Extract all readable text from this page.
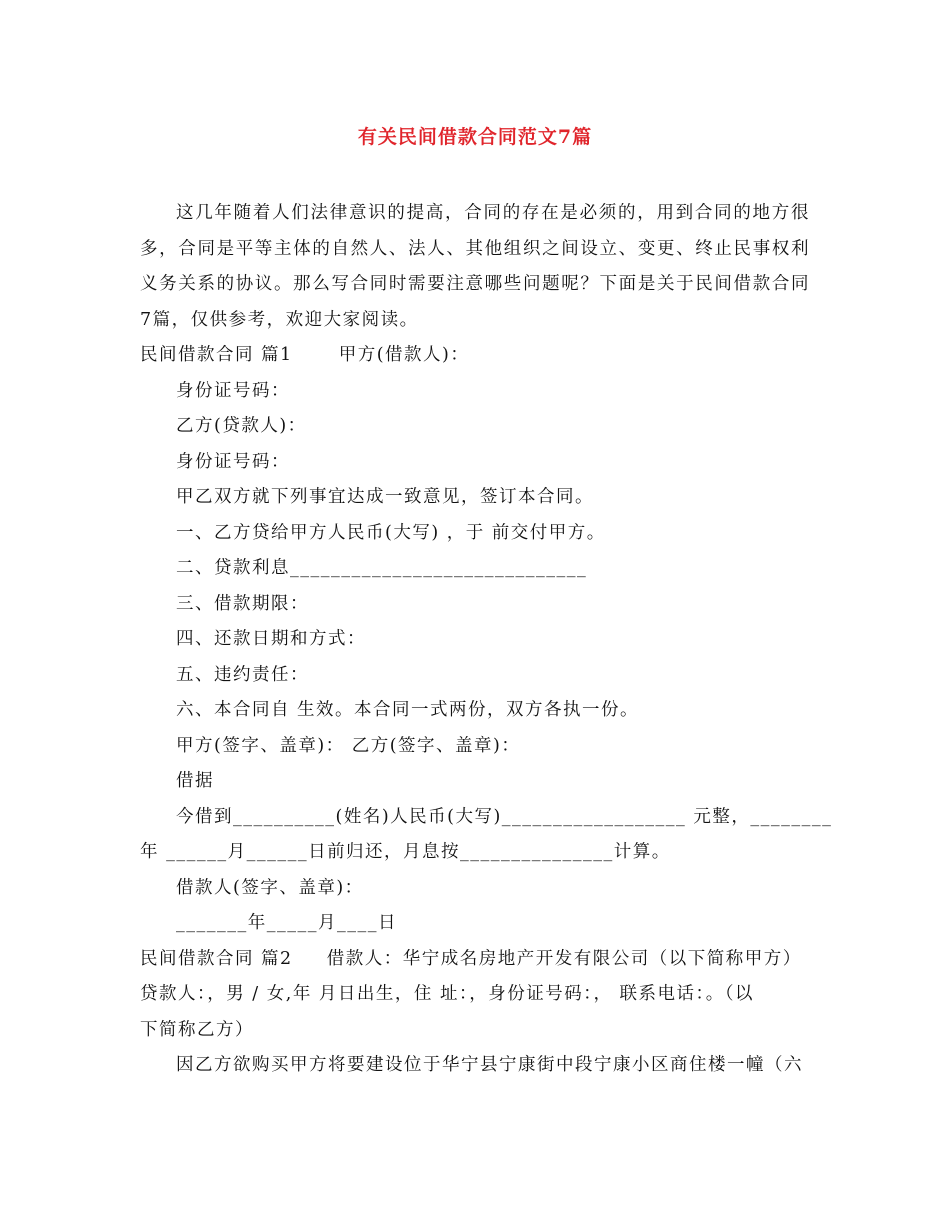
有关民间借款合同范文7篇

这几年随着人们法律意识的提高，合同的存在是必须的，用到合同的地方很多，合同是平等主体的自然人、法人、其他组织之间设立、变更、终止民事权利义务关系的协议。那么写合同时需要注意哪些问题呢？下面是关于民间借款合同7篇，仅供参考，欢迎大家阅读。

民间借款合同 篇1	甲方(借款人)：

身份证号码：

乙方(贷款人)：

身份证号码：

甲乙双方就下列事宜达成一致意见，签订本合同。

一、乙方贷给甲方人民币(大写) ，于 前交付甲方。

二、贷款利息_____________________________

三、借款期限：

四、还款日期和方式：

五、违约责任：

六、本合同自 生效。本合同一式两份，双方各执一份。

甲方(签字、盖章)： 乙方(签字、盖章)：

借据

今借到__________(姓名)人民币(大写)__________________ 元整，________

年 ______月______日前归还，月息按_______________计算。

借款人(签字、盖章)：

_______年_____月____日

民间借款合同 篇2 借款人：华宁成名房地产开发有限公司（以下简称甲方）

贷款人：，男 / 女,年 月日出生，住 址：，身份证号码：， 联系电话：。（以

下简称乙方）

因乙方欲购买甲方将要建设位于华宁县宁康街中段宁康小区商住楼一幢（六
